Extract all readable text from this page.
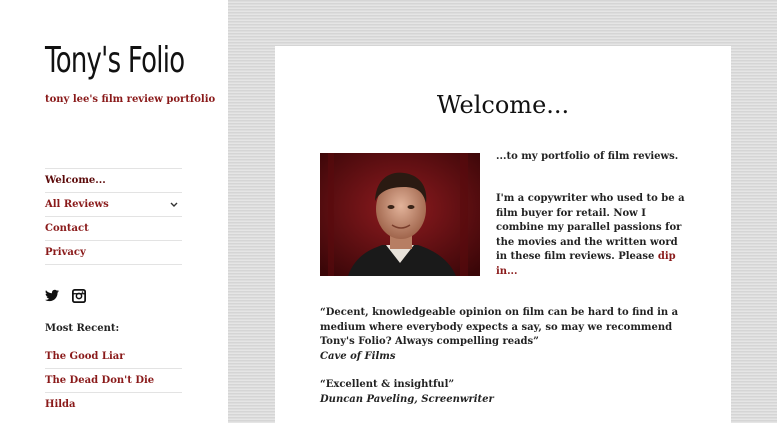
Tony's Folio
tony lee's film review portfolio
Welcome...
All Reviews
Contact
Privacy
Most Recent:
The Good Liar
The Dead Don't Die
Hilda
Welcome...

...to my portfolio of film reviews.

I'm a copywriter who used to be a film buyer for retail. Now I combine my parallel passions for the movies and the written word in these film reviews. Please dip in...

“Decent, knowledgeable opinion on film can be hard to find in a medium where everybody expects a say, so may we recommend Tony's Folio? Always compelling reads”
Cave of Films

“Excellent & insightful”
Duncan Paveling, Screenwriter
